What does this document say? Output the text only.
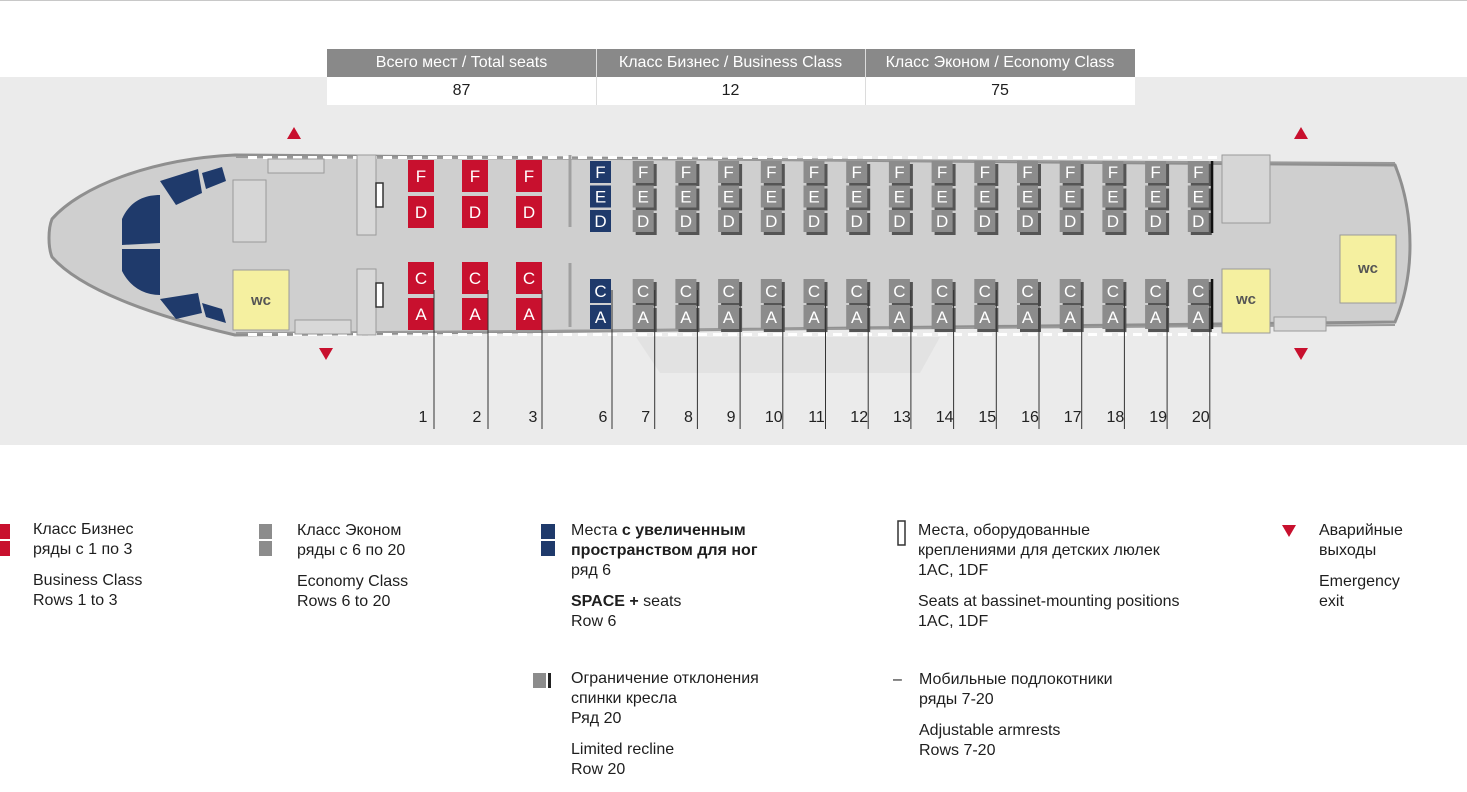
Всего мест / Total seats	Класс Бизнес / Business Class	Класс Эконом / Economy Class
87	12	75
wc	wc
wc
F
D
C
A
F
D
C
A
F
D
C
A
F
E
D
C
A
F
E
D
C
A
F
E
D
C
A
F
E
D
C
A
F
E
D
C
A
F
E
D
C
A
F
E
D
C
A
F
E
D
C
A
F
E
D
C
A
F
E
D
C
A
F
E
D
C
A
F
E
D
C
A
F
E
D
C
A
F
E
D
C
A
F
E
D
C
A
1	2	3	6 7 8 9 10 11 12 13 14 15 16 17 18 19 20

Класс Бизнес

ряды с 1 по 3

Business Class

Rows 1 to 3

Класс Эконом

ряды с 6 по 20

Economy Class

Rows 6 to 20

Места с увеличенным

пространством для ног

ряд 6

SPACE + seats

Row 6

Ограничение отклонения

спинки кресла

Ряд 20

Limited recline

Row 20

Места, оборудованные

креплениями для детских люлек

1AC, 1DF

Seats at bassinet-mounting positions

1AC, 1DF

– Мобильные подлокотники

ряды 7-20

Adjustable armrests

Rows 7-20

Аварийные

выходы

Emergency

exit
